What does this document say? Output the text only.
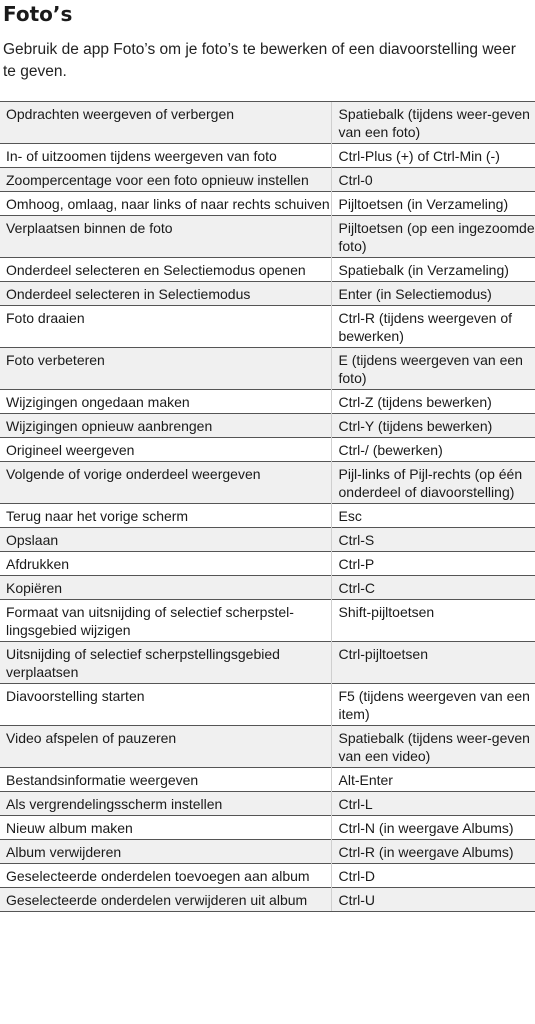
Foto’s

Gebruik de app Foto’s om je foto’s te bewerken of een diavoorstelling weer te geven.

Opdrachten weergeven of verbergen	Spatiebalk (tijdens weer-geven van een foto)
In- of uitzoomen tijdens weergeven van foto	Ctrl-Plus (+) of Ctrl-Min (-)
Zoompercentage voor een foto opnieuw instellen	Ctrl-0
Omhoog, omlaag, naar links of naar rechts schuiven	Pijltoetsen (in Verzameling)
Verplaatsen binnen de foto	Pijltoetsen (op een ingezoomde foto)
Onderdeel selecteren en Selectiemodus openen	Spatiebalk (in Verzameling)
Onderdeel selecteren in Selectiemodus	Enter (in Selectiemodus)
Foto draaien	Ctrl-R (tijdens weergeven of bewerken)
Foto verbeteren	E (tijdens weergeven van een foto)
Wijzigingen ongedaan maken	Ctrl-Z (tijdens bewerken)
Wijzigingen opnieuw aanbrengen	Ctrl-Y (tijdens bewerken)
Origineel weergeven	Ctrl-/ (bewerken)
Volgende of vorige onderdeel weergeven	Pijl-links of Pijl-rechts (op één onderdeel of diavoorstelling)
Terug naar het vorige scherm	Esc
Opslaan	Ctrl-S
Afdrukken	Ctrl-P
Kopiëren	Ctrl-C
Formaat van uitsnijding of selectief scherpstel-lingsgebied wijzigen	Shift-pijltoetsen
Uitsnijding of selectief scherpstellingsgebied verplaatsen	Ctrl-pijltoetsen
Diavoorstelling starten	F5 (tijdens weergeven van een item)
Video afspelen of pauzeren	Spatiebalk (tijdens weer-geven van een video)
Bestandsinformatie weergeven	Alt-Enter
Als vergrendelingsscherm instellen	Ctrl-L
Nieuw album maken	Ctrl-N (in weergave Albums)
Album verwijderen	Ctrl-R (in weergave Albums)
Geselecteerde onderdelen toevoegen aan album	Ctrl-D
Geselecteerde onderdelen verwijderen uit album	Ctrl-U
